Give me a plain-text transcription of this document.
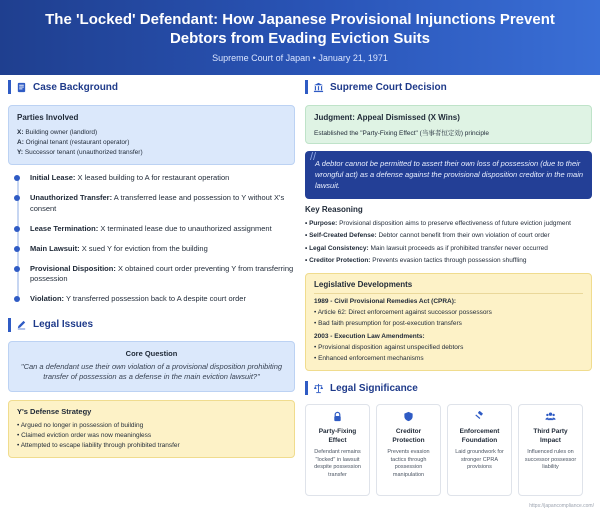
The 'Locked' Defendant: How Japanese Provisional Injunctions Prevent Debtors from Evading Eviction Suits
Supreme Court of Japan • January 21, 1971
Case Background
Parties Involved
X: Building owner (landlord)
A: Original tenant (restaurant operator)
Y: Successor tenant (unauthorized transfer)
Initial Lease: X leased building to A for restaurant operation
Unauthorized Transfer: A transferred lease and possession to Y without X's consent
Lease Termination: X terminated lease due to unauthorized assignment
Main Lawsuit: X sued Y for eviction from the building
Provisional Disposition: X obtained court order preventing Y from transferring possession
Violation: Y transferred possession back to A despite court order
Legal Issues
Core Question
"Can a defendant use their own violation of a provisional disposition prohibiting transfer of possession as a defense in the main eviction lawsuit?"
Y's Defense Strategy
• Argued no longer in possession of building
• Claimed eviction order was now meaningless
• Attempted to escape liability through prohibited transfer
Supreme Court Decision
Judgment: Appeal Dismissed (X Wins)
Established the "Party-Fixing Effect" (当事者恒定効) principle
//
A debtor cannot be permitted to assert their own loss of possession (due to their wrongful act) as a defense against the provisional disposition creditor in the main lawsuit.
Key Reasoning
• Purpose: Provisional disposition aims to preserve effectiveness of future eviction judgment
• Self-Created Defense: Debtor cannot benefit from their own violation of court order
• Legal Consistency: Main lawsuit proceeds as if prohibited transfer never occurred
• Creditor Protection: Prevents evasion tactics through possession shuffling
Legislative Developments
1989 - Civil Provisional Remedies Act (CPRA):
• Article 62: Direct enforcement against successor possessors
• Bad faith presumption for post-execution transfers
2003 - Execution Law Amendments:
• Provisional disposition against unspecified debtors
• Enhanced enforcement mechanisms
Legal Significance
Party-Fixing Effect
Defendant remains "locked" in lawsuit despite possession transfer
Creditor Protection
Prevents evasion tactics through possession manipulation
Enforcement Foundation
Laid groundwork for stronger CPRA provisions
Third Party Impact
Influenced rules on successor possessor liability
https://japancompliance.com/
